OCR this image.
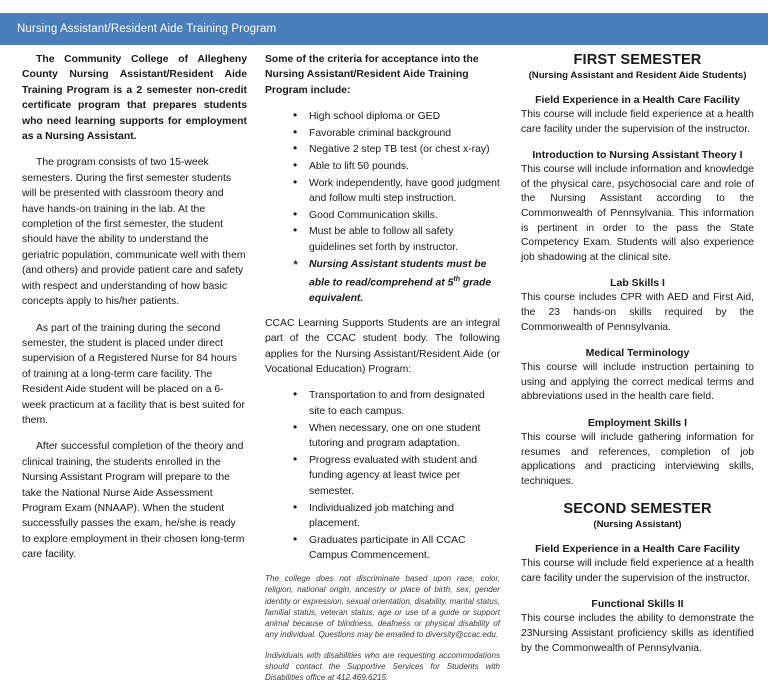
Nursing Assistant/Resident Aide Training Program

The Community College of Allegheny County Nursing Assistant/Resident Aide Training Program is a 2 semester non-credit certificate program that prepares students who need learning supports for employment as a Nursing Assistant.

The program consists of two 15-week semesters. During the first semester students will be presented with classroom theory and have hands-on training in the lab. At the completion of the first semester, the student should have the ability to understand the geriatric population, communicate well with them (and others) and provide patient care and safety with respect and understanding of how basic concepts apply to his/her patients.

As part of the training during the second semester, the student is placed under direct supervision of a Registered Nurse for 84 hours of training at a long-term care facility. The Resident Aide student will be placed on a 6-week practicum at a facility that is best suited for them.

After successful completion of the theory and clinical training, the students enrolled in the Nursing Assistant Program will prepare to the take the National Nurse Aide Assessment Program Exam (NNAAP). When the student successfully passes the exam, he/she is ready to explore employment in their chosen long-term care facility.

Some of the criteria for acceptance into the Nursing Assistant/Resident Aide Training Program include:

• High school diploma or GED
• Favorable criminal background
• Negative 2 step TB test (or chest x-ray)
• Able to lift 50 pounds.
• Work independently, have good judgment and follow multi step instruction.
• Good Communication skills.
• Must be able to follow all safety guidelines set forth by instructor.
* Nursing Assistant students must be able to read/comprehend at 5th grade equivalent.

CCAC Learning Supports Students are an integral part of the CCAC student body. The following applies for the Nursing Assistant/Resident Aide (or Vocational Education) Program:

• Transportation to and from designated site to each campus.
• When necessary, one on one student tutoring and program adaptation.
• Progress evaluated with student and funding agency at least twice per semester.
• Individualized job matching and placement.
• Graduates participate in All CCAC Campus Commencement.

The college does not discriminate based upon race, color, religion, national origin, ancestry or place of birth, sex, gender identity or expression, sexual orientation, disability, marital status, familial status, veteran status, age or use of a guide or support animal because of blindness, deafness or physical disability of any individual. Questions may be emailed to diversity@ccac.edu.

Individuals with disabilities who are requesting accommodations should contact the Supportive Services for Students with Disabilities office at 412.469.6215.

FIRST SEMESTER
(Nursing Assistant and Resident Aide Students)
Field Experience in a Health Care Facility
This course will include field experience at a health care facility under the supervision of the instructor.
Introduction to Nursing Assistant Theory I
This course will include information and knowledge of the physical care, psychosocial care and role of the Nursing Assistant according to the Commonwealth of Pennsylvania. This information is pertinent in order to the pass the State Competency Exam. Students will also experience job shadowing at the clinical site.
Lab Skills I
This course includes CPR with AED and First Aid, the 23 hands-on skills required by the Commonwealth of Pennsylvania.
Medical Terminology
This course will include instruction pertaining to using and applying the correct medical terms and abbreviations used in the health care field.
Employment Skills I
This course will include gathering information for resumes and references, completion of job applications and practicing interviewing skills, techniques.
SECOND SEMESTER
(Nursing Assistant)
Field Experience in a Health Care Facility
This course will include field experience at a health care facility under the supervision of the instructor.
Functional Skills II
This course includes the ability to demonstrate the 23Nursing Assistant proficiency skills as identified by the Commonwealth of Pennsylvania.
